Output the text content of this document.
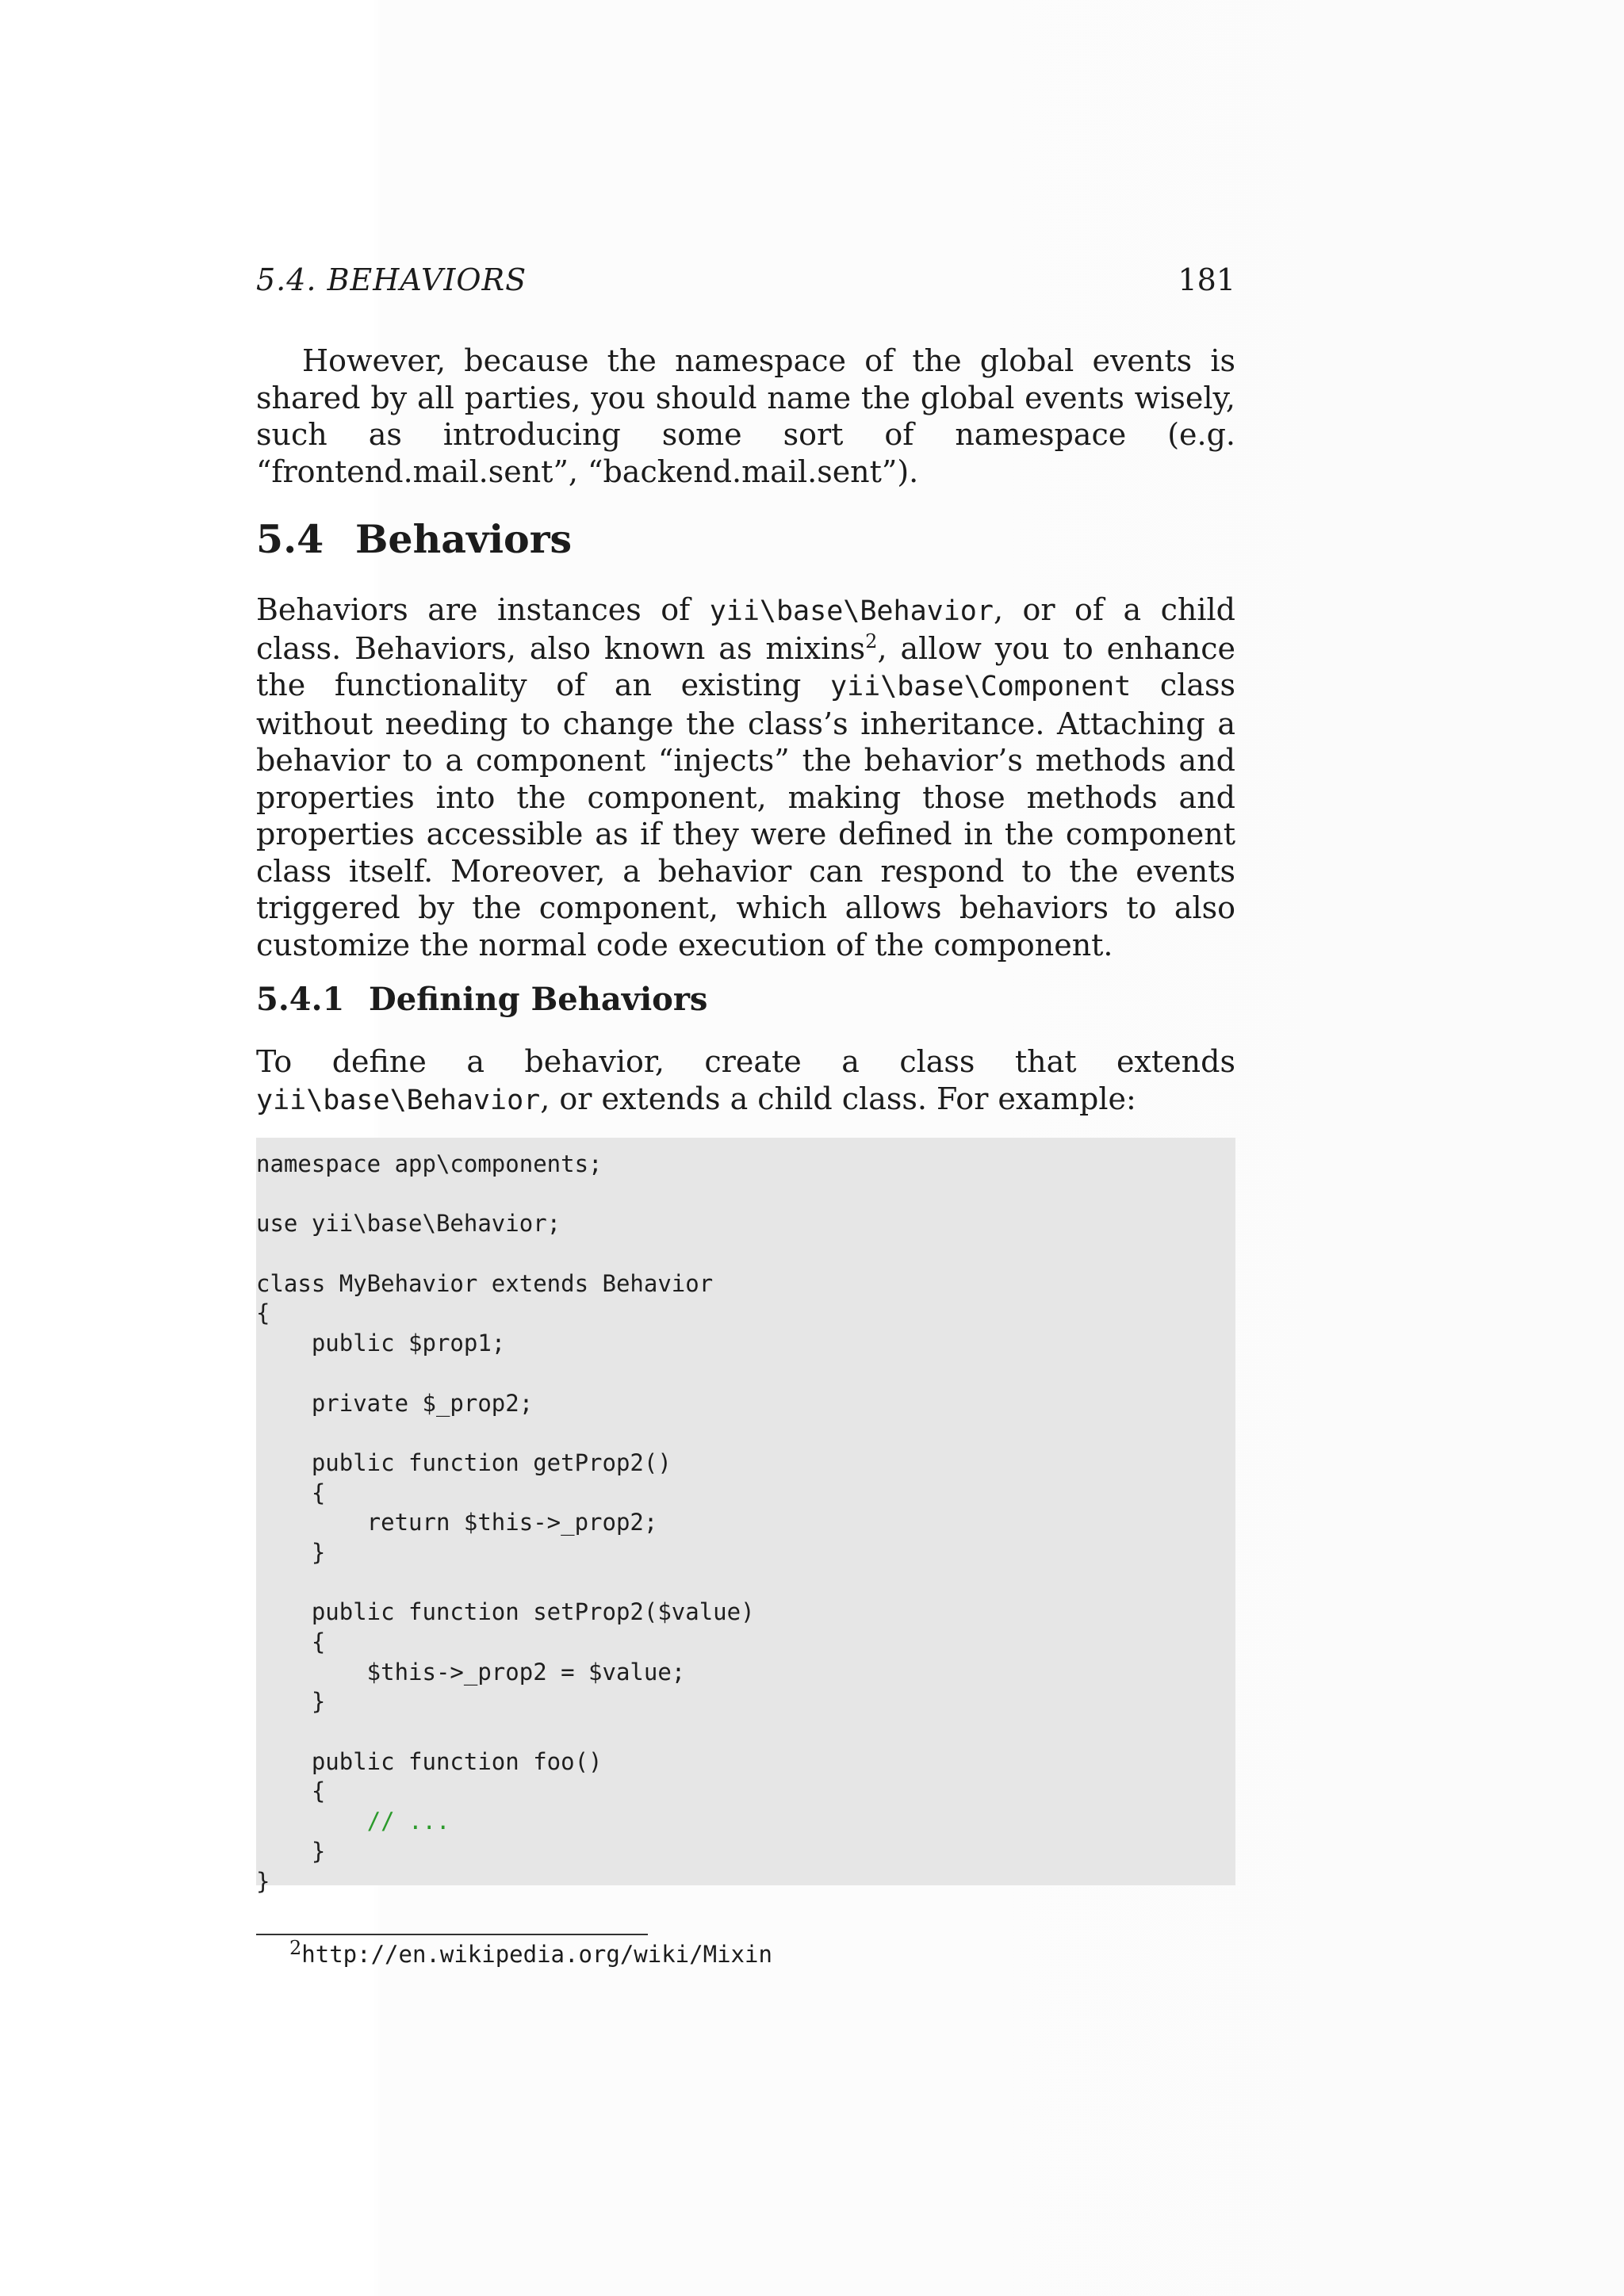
5.4. BEHAVIORS	181

However, because the namespace of the global events is shared by all parties, you should name the global events wisely, such as introducing some sort of namespace (e.g. “frontend.mail.sent”, “backend.mail.sent”).

5.4 Behaviors

Behaviors are instances of yii\base\Behavior, or of a child class. Behaviors, also known as mixins$^2$, allow you to enhance the functionality of an existing yii\base\Component class without needing to change the class’s inheritance. Attaching a behavior to a component “injects” the behavior’s methods and properties into the component, making those methods and properties accessible as if they were defined in the component class itself. Moreover, a behavior can respond to the events triggered by the component, which allows behaviors to also customize the normal code execution of the component.

5.4.1 Defining Behaviors

To define a behavior, create a class that extends yii\base\Behavior, or extends a child class. For example:

namespace app\components;
use yii\base\Behavior;
class MyBehavior extends Behavior
{
public $prop1;
private $_prop2;
public function getProp2()
{
return $this->_prop2;
}
public function setProp2($value)
{
$this->_prop2 = $value;
}
public function foo()
{
// ...
}
}
$^2$http://en.wikipedia.org/wiki/Mixin
